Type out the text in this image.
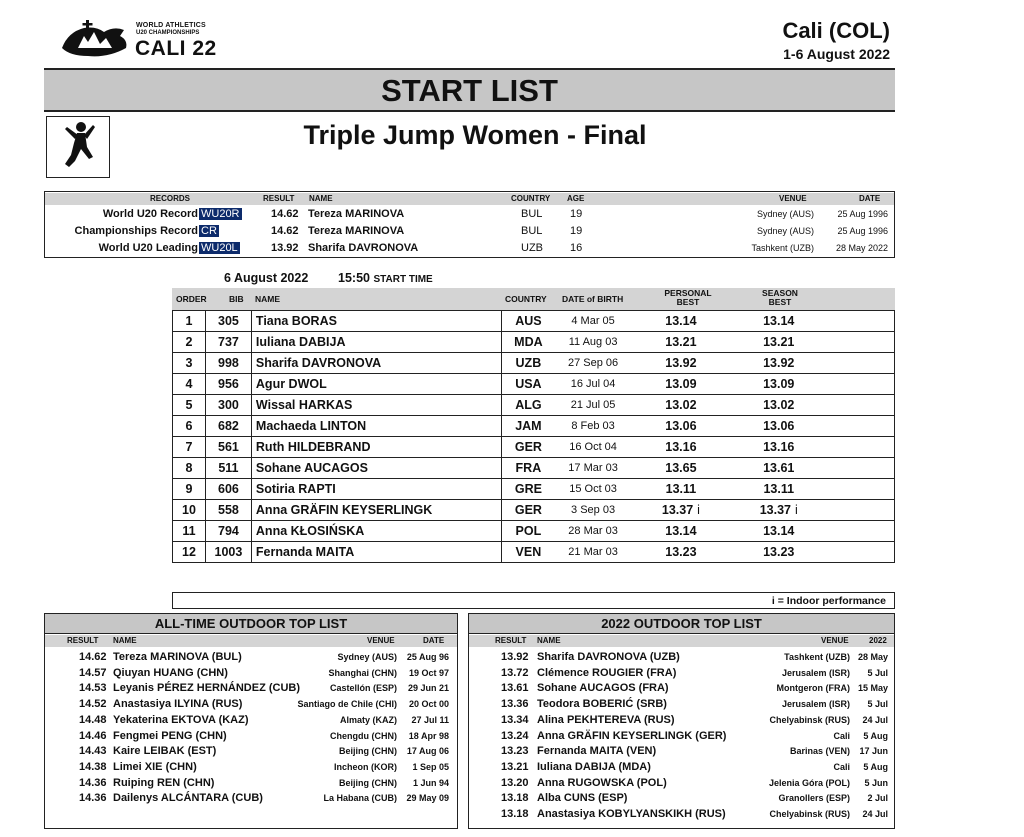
WORLD ATHLETICS
U20 CHAMPIONSHIPS
CALI 22
Cali (COL)
1-6 August 2022
START LIST
Triple Jump Women - Final
RECORDS	RESULT NAME	COUNTRY AGE	VENUE	DATE
World U20 Record WU20R	14.62 Tereza MARINOVA	BUL	19	Sydney (AUS)	25 Aug 1996
Championships Record CR	14.62 Tereza MARINOVA	BUL	19	Sydney (AUS)	25 Aug 1996
World U20 Leading WU20L	13.92 Sharifa DAVRONOVA	UZB 16	Tashkent (UZB) 28 May 2022
6 August 2022 15:50 START TIME
ORDER	BIB NAME	COUNTRY DATE of BIRTH
PERSONAL
BEST
SEASON
BEST
1	305	Tiana BORAS	AUS	4 Mar 05	13.14	13.14	
2	737	Iuliana DABIJA	MDA	11 Aug 03	13.21	13.21	
3	998	Sharifa DAVRONOVA	UZB	27 Sep 06	13.92	13.92	
4	956	Agur DWOL	USA	16 Jul 04	13.09	13.09	
5	300	Wissal HARKAS	ALG	21 Jul 05	13.02	13.02	
6	682	Machaeda LINTON	JAM	8 Feb 03	13.06	13.06	
7	561	Ruth HILDEBRAND	GER	16 Oct 04	13.16	13.16	
8	511	Sohane AUCAGOS	FRA	17 Mar 03	13.65	13.61	
9	606	Sotiria RAPTI	GRE	15 Oct 03	13.11	13.11	
10	558	Anna GRÄFIN KEYSERLINGK	GER	3 Sep 03	13.37 i	13.37 i	
11	794	Anna KŁOSIŃSKA	POL	28 Mar 03	13.14	13.14	
12	1003	Fernanda MAITA	VEN	21 Mar 03	13.23	13.23	
i = Indoor performance
ALL-TIME OUTDOOR TOP LIST
RESULT NAME	VENUE	DATE
14.62 Tereza MARINOVA (BUL)	Sydney (AUS) 25 Aug 96
14.57 Qiuyan HUANG (CHN)	Shanghai (CHN) 19 Oct 97
14.53 Leyanis PÉREZ HERNÁNDEZ (CUB)	Castellón (ESP) 29 Jun 21
14.52 Anastasiya ILYINA (RUS)	Santiago de Chile (CHI) 20 Oct 00
14.48 Yekaterina EKTOVA (KAZ)	Almaty (KAZ) 27 Jul 11
14.46 Fengmei PENG (CHN)	Chengdu (CHN) 18 Apr 98
14.43 Kaire LEIBAK (EST)	Beijing (CHN) 17 Aug 06
14.38 Limei XIE (CHN)	Incheon (KOR) 1 Sep 05
14.36 Ruiping REN (CHN)	Beijing (CHN) 1 Jun 94
14.36 Dailenys ALCÁNTARA (CUB)	La Habana (CUB) 29 May 09
2022 OUTDOOR TOP LIST
RESULT NAME	VENUE	2022
13.92 Sharifa DAVRONOVA (UZB)	Tashkent (UZB) 28 May
13.72 Clémence ROUGIER (FRA)	Jerusalem (ISR) 5 Jul
13.61 Sohane AUCAGOS (FRA)	Montgeron (FRA) 15 May
13.36 Teodora BOBERIĆ (SRB)	Jerusalem (ISR) 5 Jul
13.34 Alina PEKHTEREVA (RUS)	Chelyabinsk (RUS) 24 Jul
13.24 Anna GRÄFIN KEYSERLINGK (GER)	Cali 5 Aug
13.23 Fernanda MAITA (VEN)	Barinas (VEN) 17 Jun
13.21 Iuliana DABIJA (MDA)	Cali 5 Aug
13.20 Anna RUGOWSKA (POL)	Jelenia Góra (POL) 5 Jun
13.18 Alba CUNS (ESP)	Granollers (ESP) 2 Jul
13.18 Anastasiya KOBYLYANSKIKH (RUS)	Chelyabinsk (RUS) 24 Jul
